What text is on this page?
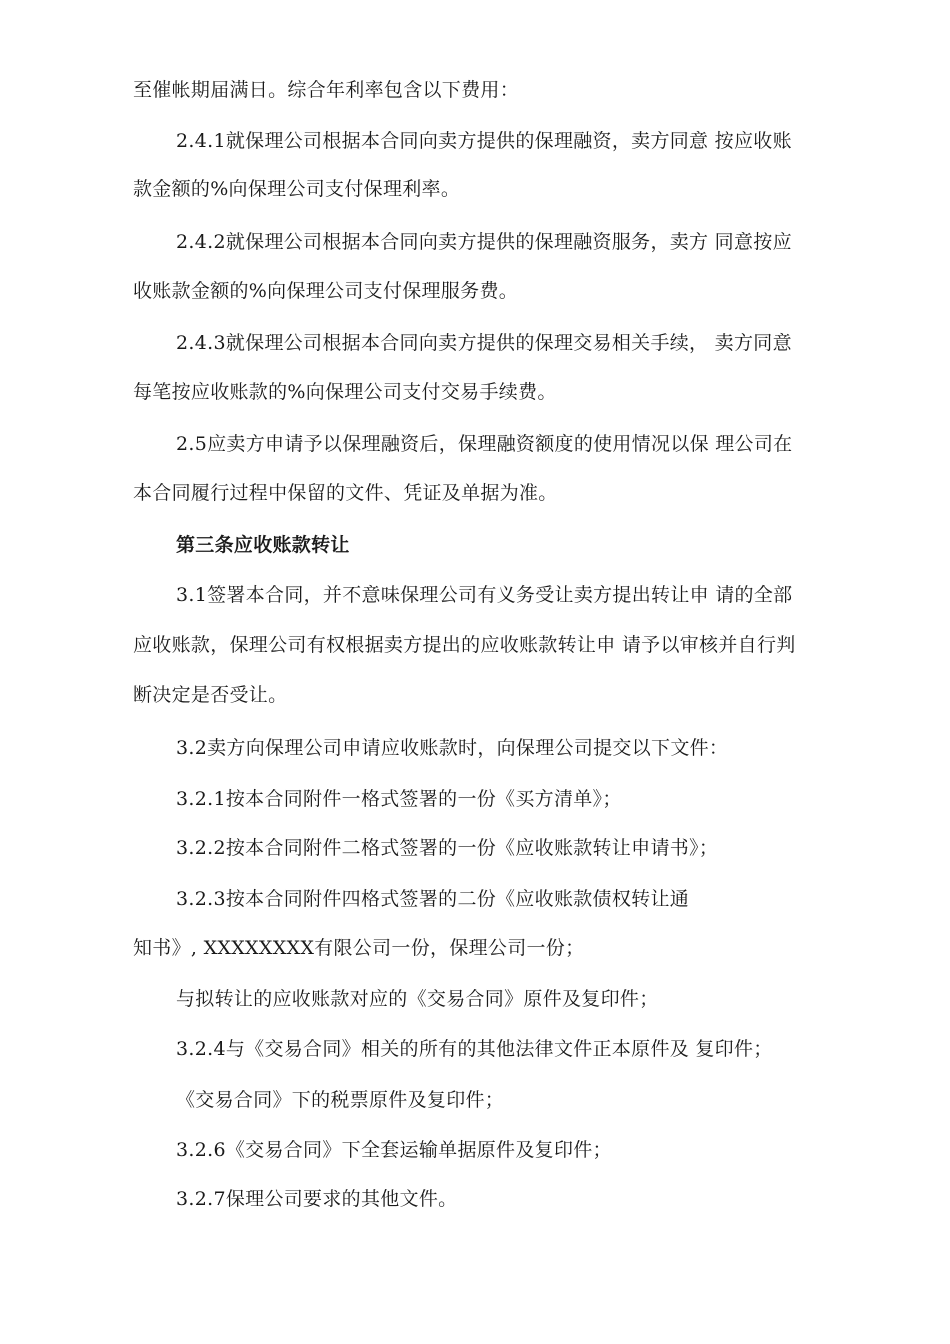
至催帐期届满日。综合年利率包含以下费用：
2.4.1就保理公司根据本合同向卖方提供的保理融资，卖方同意 按应收账
款金额的%向保理公司支付保理利率。
2.4.2就保理公司根据本合同向卖方提供的保理融资服务，卖方 同意按应
收账款金额的%向保理公司支付保理服务费。
2.4.3就保理公司根据本合同向卖方提供的保理交易相关手续， 卖方同意
每笔按应收账款的%向保理公司支付交易手续费。
2.5应卖方申请予以保理融资后，保理融资额度的使用情况以保 理公司在
本合同履行过程中保留的文件、凭证及单据为准。
第三条应收账款转让
3.1签署本合同，并不意味保理公司有义务受让卖方提出转让申 请的全部
应收账款，保理公司有权根据卖方提出的应收账款转让申 请予以审核并自行判
断决定是否受让。
3.2卖方向保理公司申请应收账款时，向保理公司提交以下文件：
3.2.1按本合同附件一格式签署的一份《买方清单》；
3.2.2按本合同附件二格式签署的一份《应收账款转让申请书》；
3.2.3按本合同附件四格式签署的二份《应收账款债权转让通
知书》, XXXXXXXX有限公司一份，保理公司一份；
与拟转让的应收账款对应的《交易合同》原件及复印件；
3.2.4与《交易合同》相关的所有的其他法律文件正本原件及 复印件；
《交易合同》下的税票原件及复印件；
3.2.6《交易合同》下全套运输单据原件及复印件；
3.2.7保理公司要求的其他文件。
